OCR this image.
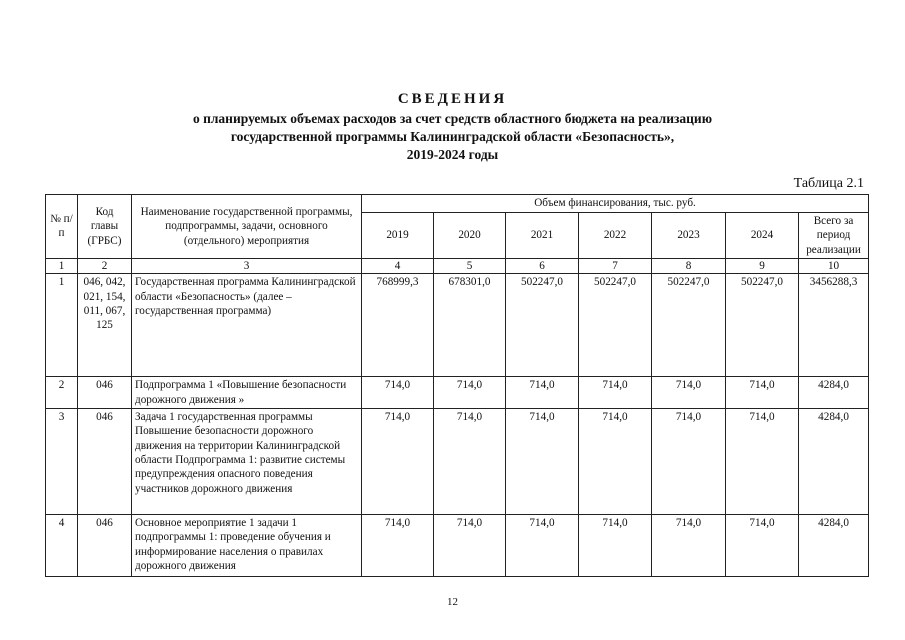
СВЕДЕНИЯ
о планируемых объемах расходов за счет средств областного бюджета на реализацию
государственной программы Калининградской области «Безопасность»,
2019-2024 годы
Таблица 2.1
№ п/п	Код главы (ГРБС)	Наименование государственной программы, подпрограммы, задачи, основного (отдельного) мероприятия	Объем финансирования, тыс. руб.						
			2019	2020	2021	2022	2023	2024	Всего за период реализации
1	2	3	4	5	6	7	8	9	10
1	046, 042, 021, 154, 011, 067, 125	Государственная программа Калининградской области «Безопасность» (далее – государственная программа)	768999,3	678301,0	502247,0	502247,0	502247,0	502247,0	3456288,3
2	046	Подпрограмма 1 «Повышение безопасности дорожного движения »	714,0	714,0	714,0	714,0	714,0	714,0	4284,0
3	046	Задача 1 государственная программы Повышение безопасности дорожного движения на территории Калининградской области Подпрограмма 1: развитие системы предупреждения опасного поведения участников дорожного движения	714,0	714,0	714,0	714,0	714,0	714,0	4284,0
4	046	Основное мероприятие 1 задачи 1 подпрограммы 1: проведение обучения и информирование населения о правилах дорожного движения	714,0	714,0	714,0	714,0	714,0	714,0	4284,0
12
